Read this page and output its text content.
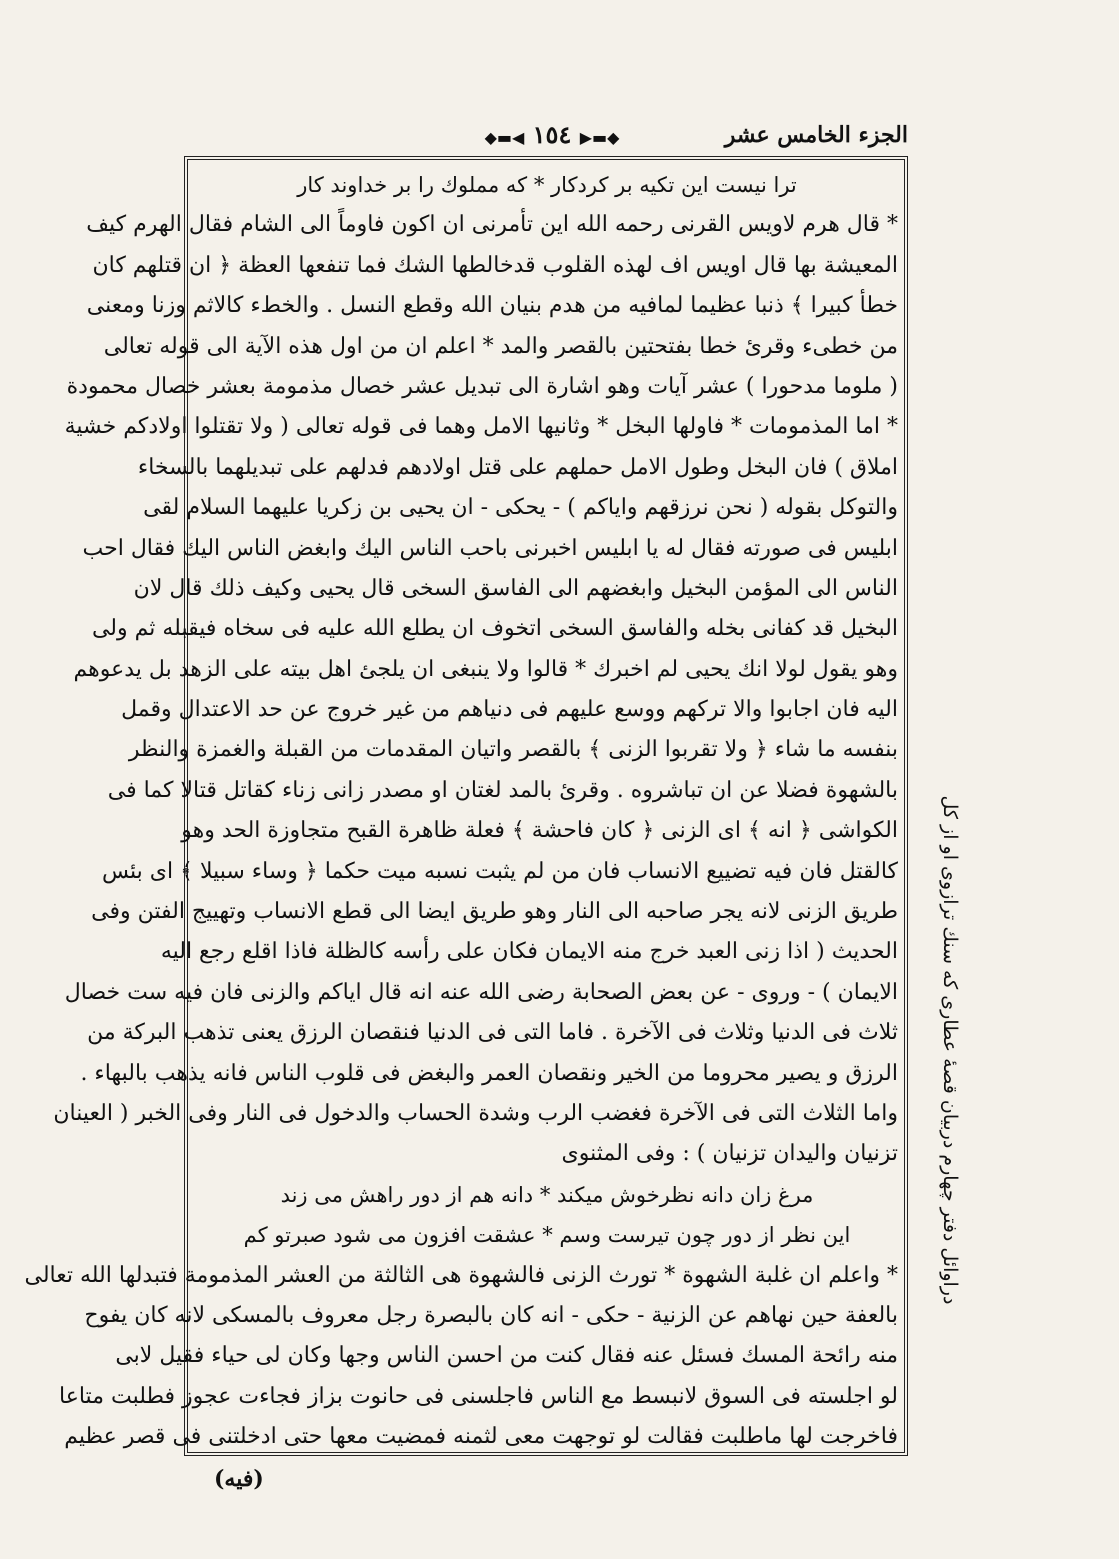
الجزء الخامس عشر
◆▬▶ ١٥٤ ◀▬◆
ترا نیست این تکیه بر کردکار * که مملوك را بر خداوند کار
* قال هرم لاويس القرنی رحمه الله این تأمرنی ان اكون فاوماً الی الشام فقال الهرم كیف
المعیشة بها قال اویس اف لهذه القلوب قدخالطها الشك فما تنفعها العظة ﴿ ان قتلهم كان
خطأ كبيرا ﴾ ذنبا عظیما لمافیه من هدم بنیان الله وقطع النسل . والخطء كالاثم وزنا ومعنى
من خطیء وقرئ خطا بفتحتين بالقصر والمد * اعلم ان من اول هذه الآية الی قوله تعالی
( ملوما مدحورا ) عشر آیات وهو اشارة الی تبدیل عشر خصال مذمومة بعشر خصال محمودة
* اما المذمومات * فاولها البخل * وثانیها الامل وهما فی قوله تعالی ( ولا تقتلوا اولادكم خشیة
املاق ) فان البخل وطول الامل حملهم علی قتل اولادهم فدلهم علی تبدیلهما بالسخاء
والتوكل بقوله ( نحن نرزقهم وایاكم ) - یحكی - ان یحیی بن زكریا علیهما السلام لقی
ابلیس فی صورته فقال له یا ابلیس اخبرنی باحب الناس الیك وابغض الناس الیك فقال احب
الناس الی المؤمن البخیل وابغضهم الی الفاسق السخی قال یحیی وكیف ذلك قال لان
البخیل قد كفانی بخله والفاسق السخی اتخوف ان یطلع الله علیه فی سخاه فیقبله ثم ولی
وهو یقول لولا انك یحیی لم اخبرك * قالوا ولا ینبغی ان یلجئ اهل بیته علی الزهد بل یدعوهم
الیه فان اجابوا والا تركهم ووسع علیهم فی دنیاهم من غیر خروج عن حد الاعتدال وقمل
بنفسه ما شاء ﴿ ولا تقربوا الزنی ﴾ بالقصر واتیان المقدمات من القبلة والغمزة والنظر
بالشهوة فضلا عن ان تباشروه . وقرئ بالمد لغتان او مصدر زانی زناء كقاتل قتالا كما فی
الكواشی ﴿ انه ﴾ ای الزنی ﴿ كان فاحشة ﴾ فعلة ظاهرة القبح متجاوزة الحد وهو
كالقتل فان فیه تضییع الانساب فان من لم یثبت نسبه میت حكما ﴿ وساء سبیلا ﴾ ای بئس
طریق الزنی لانه یجر صاحبه الی النار وهو طریق ایضا الی قطع الانساب وتهییج الفتن وفی
الحدیث ( اذا زنی العبد خرج منه الایمان فكان علی رأسه كالظلة فاذا اقلع رجع الیه
الایمان ) - وروی - عن بعض الصحابة رضی الله عنه انه قال ایاكم والزنی فان فیه ست خصال
ثلاث فی الدنیا وثلاث فی الآخرة . فاما التی فی الدنیا فنقصان الرزق یعنی تذهب البركة من
الرزق و یصیر محروما من الخیر ونقصان العمر والبغض فی قلوب الناس فانه یذهب بالبهاء .
واما الثلاث التی فی الآخرة فغضب الرب وشدة الحساب والدخول فی النار وفی الخبر ( العینان
تزنیان والیدان تزنیان ) : وفی المثنوی
مرغ زان دانه نظرخوش میكند * دانه هم از دور راهش می زند
این نظر از دور چون تیرست وسم * عشقت افزون می شود صبرتو كم
* واعلم ان غلبة الشهوة * تورث الزنی فالشهوة هی الثالثة من العشر المذمومة فتبدلها الله تعالی
بالعفة حین نهاهم عن الزنیة - حكی - انه كان بالبصرة رجل معروف بالمسكی لانه كان یفوح
منه رائحة المسك فسئل عنه فقال كنت من احسن الناس وجها وكان لی حیاء فقیل لابی
لو اجلسته فی السوق لانبسط مع الناس فاجلسنی فی حانوت بزاز فجاءت عجوز فطلبت متاعا
فاخرجت لها ماطلبت فقالت لو توجهت معی لثمنه فمضیت معها حتی ادخلتنی فی قصر عظیم
دراوائل دفتر چهارم دربیان قصهٔ عطاری كه سنك ترازوی او از كل
(فیه)
